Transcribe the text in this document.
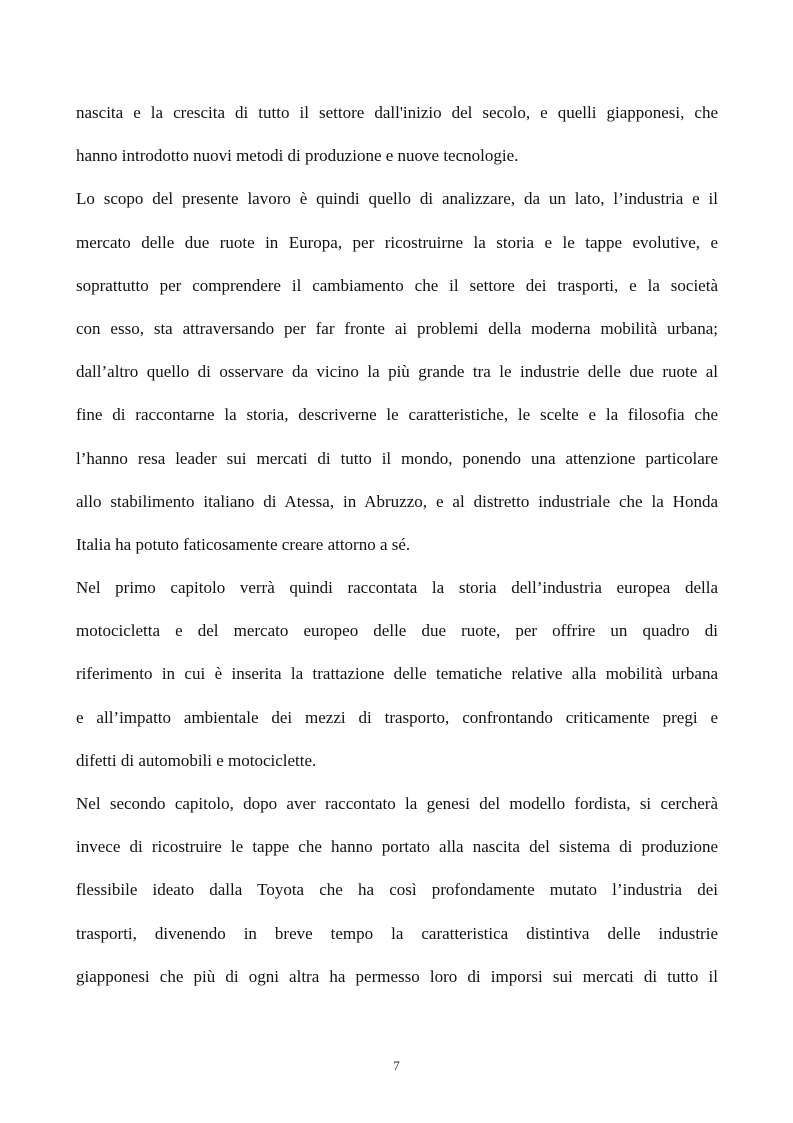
nascita e la crescita di tutto il settore dall'inizio del secolo, e quelli giapponesi, che
hanno introdotto nuovi metodi di produzione e nuove tecnologie.
Lo scopo del presente lavoro è quindi quello di analizzare, da un lato, l’industria e il
mercato delle due ruote in Europa, per ricostruirne la storia e le tappe evolutive, e
soprattutto per comprendere il cambiamento che il settore dei trasporti, e la società
con esso, sta attraversando per far fronte ai problemi della moderna mobilità urbana;
dall’altro quello di osservare da vicino la più grande tra le industrie delle due ruote al
fine di raccontarne la storia, descriverne le caratteristiche, le scelte e la filosofia che
l’hanno resa leader sui mercati di tutto il mondo, ponendo una attenzione particolare
allo stabilimento italiano di Atessa, in Abruzzo, e al distretto industriale che la Honda
Italia ha potuto faticosamente creare attorno a sé.
Nel primo capitolo verrà quindi raccontata la storia dell’industria europea della
motocicletta e del mercato europeo delle due ruote, per offrire un quadro di
riferimento in cui è inserita la trattazione delle tematiche relative alla mobilità urbana
e all’impatto ambientale dei mezzi di trasporto, confrontando criticamente pregi e
difetti di automobili e motociclette.
Nel secondo capitolo, dopo aver raccontato la genesi del modello fordista, si cercherà
invece di ricostruire le tappe che hanno portato alla nascita del sistema di produzione
flessibile ideato dalla Toyota che ha così profondamente mutato l’industria dei
trasporti, divenendo in breve tempo la caratteristica distintiva delle industrie
giapponesi che più di ogni altra ha permesso loro di imporsi sui mercati di tutto il
7
